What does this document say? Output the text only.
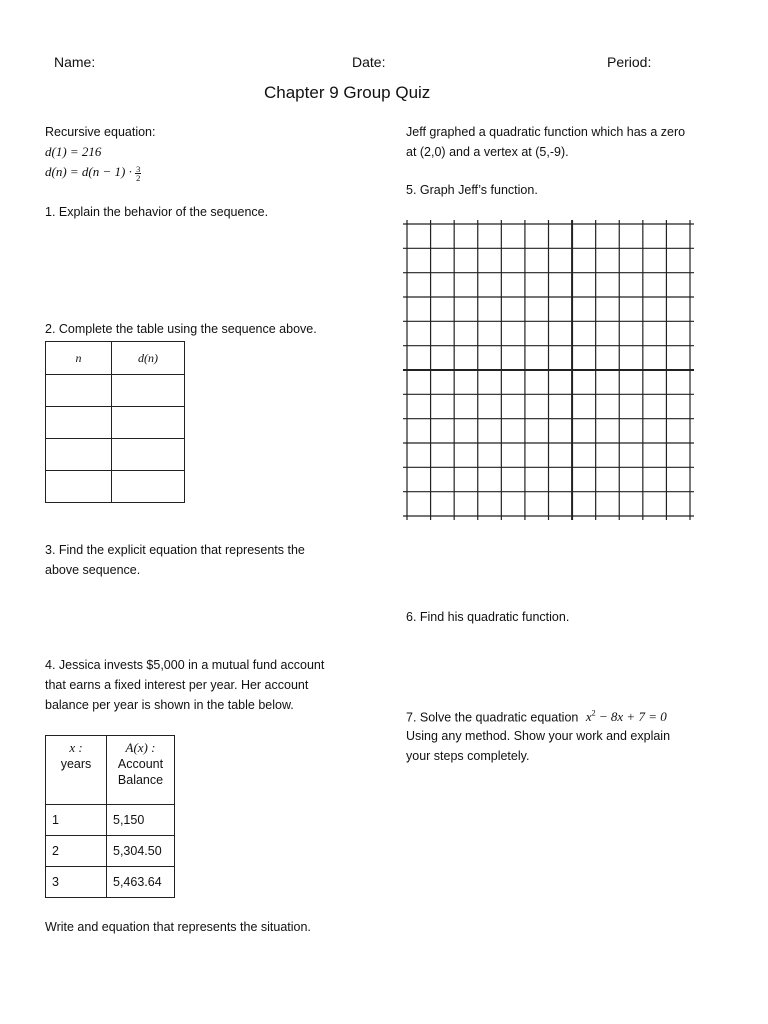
Name:	Date:	Period:
Chapter 9 Group Quiz
Recursive equation:
d(1) = 216
$d(n) = d(n - 1) \cdot \frac{3}{2}$
1. Explain the behavior of the sequence.
2. Complete the table using the sequence above.
n	d(n)

3. Find the explicit equation that represents the
above sequence.
4. Jessica invests $5,000 in a mutual fund account
that earns a fixed interest per year. Her account
balance per year is shown in the table below.
x :
years	A(x) :
Account
Balance
1	5,150
2	5,304.50
3	5,463.64
Write and equation that represents the situation.
Jeff graphed a quadratic function which has a zero
at (2,0) and a vertex at (5,-9).
5. Graph Jeff’s function.
6. Find his quadratic function.
7. Solve the quadratic equation $x^2 - 8x + 7 = 0$
Using any method. Show your work and explain
your steps completely.
